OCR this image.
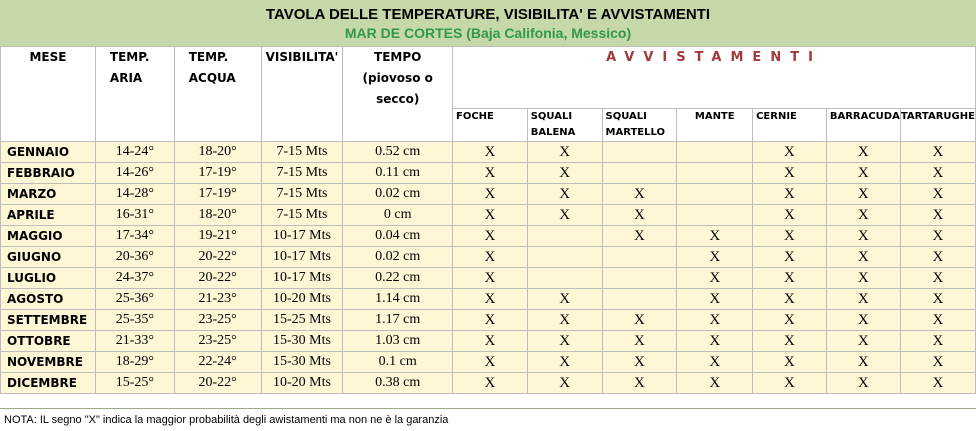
TAVOLA DELLE TEMPERATURE, VISIBILITA' E AVVISTAMENTI
MAR DE CORTES (Baja Califonia, Messico)
MESE	TEMP. ARIA	TEMP. ACQUA	VISIBILITA'	TEMPO (piovoso o secco)	AVVISTAMENTI						
					FOCHE	SQUALI BALENA	SQUALI MARTELLO	MANTE	CERNIE	BARRACUDA	TARTARUGHE
GENNAIO	14-24°	18-20°	7-15 Mts	0.52 cm	X	X			X	X	X
FEBBRAIO	14-26°	17-19°	7-15 Mts	0.11 cm	X	X			X	X	X
MARZO	14-28°	17-19°	7-15 Mts	0.02 cm	X	X	X		X	X	X
APRILE	16-31°	18-20°	7-15 Mts	0 cm	X	X	X		X	X	X
MAGGIO	17-34°	19-21°	10-17 Mts	0.04 cm	X		X	X	X	X	X
GIUGNO	20-36°	20-22°	10-17 Mts	0.02 cm	X			X	X	X	X
LUGLIO	24-37°	20-22°	10-17 Mts	0.22 cm	X			X	X	X	X
AGOSTO	25-36°	21-23°	10-20 Mts	1.14 cm	X	X		X	X	X	X
SETTEMBRE	25-35°	23-25°	15-25 Mts	1.17 cm	X	X	X	X	X	X	X
OTTOBRE	21-33°	23-25°	15-30 Mts	1.03 cm	X	X	X	X	X	X	X
NOVEMBRE	18-29°	22-24°	15-30 Mts	0.1 cm	X	X	X	X	X	X	X
DICEMBRE	15-25°	20-22°	10-20 Mts	0.38 cm	X	X	X	X	X	X	X
NOTA: IL segno "X" indica la maggior probabilità degli awistamenti ma non ne è la garanzia
